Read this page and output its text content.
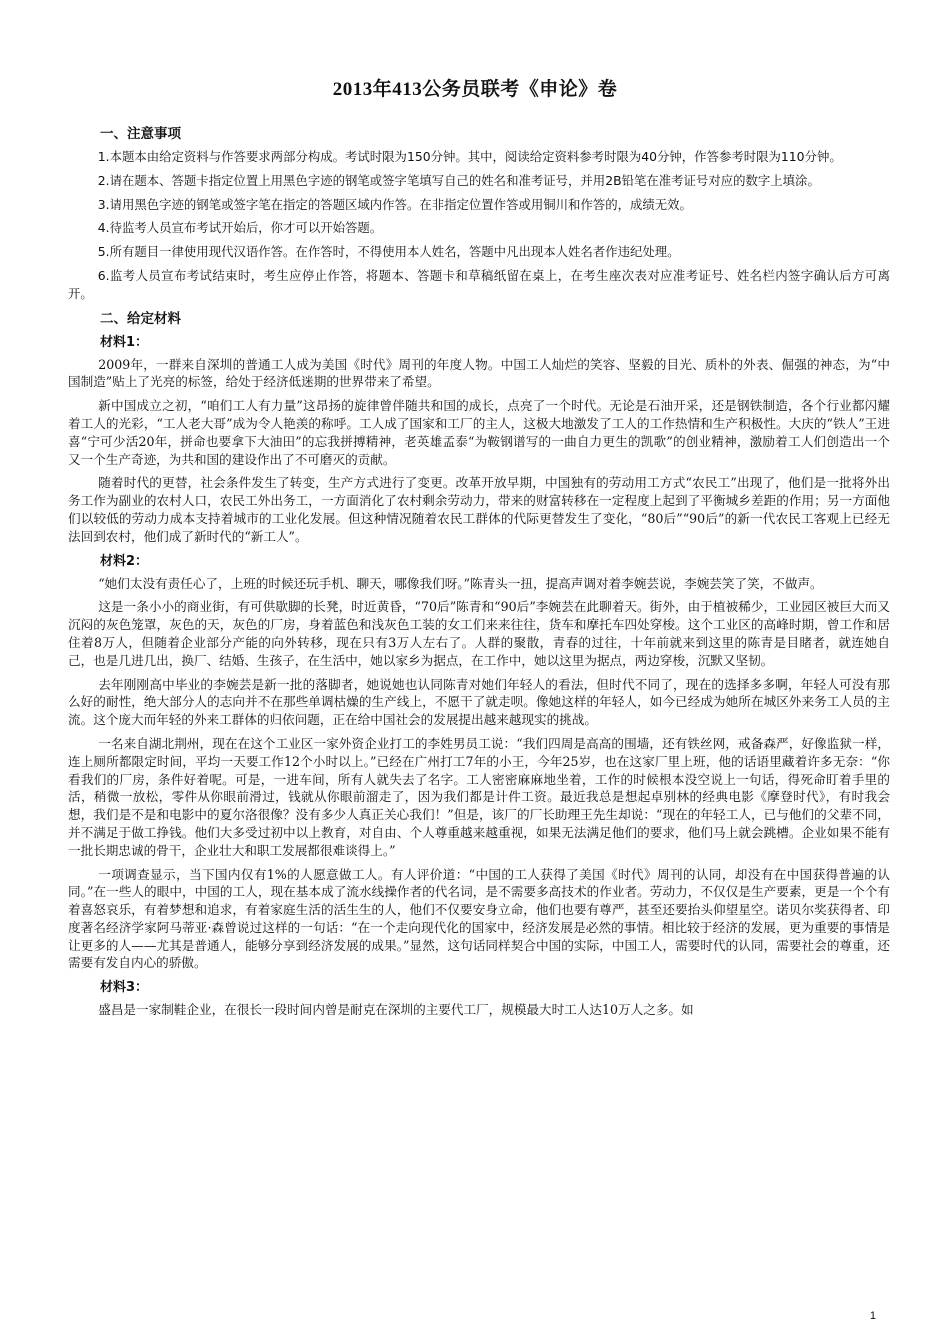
2013年413公务员联考《申论》卷
一、注意事项

1.本题本由给定资料与作答要求两部分构成。考试时限为150分钟。其中，阅读给定资料参考时限为40分钟，作答参考时限为110分钟。

2.请在题本、答题卡指定位置上用黑色字迹的钢笔或签字笔填写自己的姓名和准考证号，并用2B铅笔在准考证号对应的数字上填涂。

3.请用黑色字迹的钢笔或签字笔在指定的答题区域内作答。在非指定位置作答或用铜川和作答的，成绩无效。

4.待监考人员宣布考试开始后，你才可以开始答题。

5.所有题目一律使用现代汉语作答。在作答时，不得使用本人姓名，答题中凡出现本人姓名者作违纪处理。

6.监考人员宣布考试结束时，考生应停止作答，将题本、答题卡和草稿纸留在桌上，在考生座次表对应准考证号、姓名栏内签字确认后方可离开。

二、给定材料
材料1：

2009年，一群来自深圳的普通工人成为美国《时代》周刊的年度人物。中国工人灿烂的笑容、坚毅的目光、质朴的外表、倔强的神态，为“中国制造”贴上了光亮的标签，给处于经济低迷期的世界带来了希望。

新中国成立之初，“咱们工人有力量”这昂扬的旋律曾伴随共和国的成长，点亮了一个时代。无论是石油开采，还是钢铁制造，各个行业都闪耀着工人的光彩，“工人老大哥”成为令人艳羡的称呼。工人成了国家和工厂的主人，这极大地激发了工人的工作热情和生产积极性。大庆的“铁人”王进喜“宁可少活20年，拼命也要拿下大油田”的忘我拼搏精神，老英雄孟泰“为鞍钢谱写的一曲自力更生的凯歌”的创业精神，激励着工人们创造出一个又一个生产奇迹，为共和国的建设作出了不可磨灭的贡献。

随着时代的更替，社会条件发生了转变，生产方式进行了变更。改革开放早期，中国独有的劳动用工方式“农民工”出现了，他们是一批将外出务工作为副业的农村人口，农民工外出务工，一方面消化了农村剩余劳动力，带来的财富转移在一定程度上起到了平衡城乡差距的作用；另一方面他们以较低的劳动力成本支持着城市的工业化发展。但这种情况随着农民工群体的代际更替发生了变化，“80后”“90后”的新一代农民工客观上已经无法回到农村，他们成了新时代的“新工人”。

材料2：

“她们太没有责任心了，上班的时候还玩手机、聊天，哪像我们呀。”陈青头一扭，提高声调对着李婉芸说，李婉芸笑了笑，不做声。

这是一条小小的商业街，有可供歇脚的长凳，时近黄昏，“70后”陈青和“90后”李婉芸在此聊着天。街外，由于植被稀少，工业园区被巨大而又沉闷的灰色笼罩，灰色的天，灰色的厂房，身着蓝色和浅灰色工装的女工们来来往往，货车和摩托车四处穿梭。这个工业区的高峰时期，曾工作和居住着8万人，但随着企业部分产能的向外转移，现在只有3万人左右了。人群的聚散，青春的过往，十年前就来到这里的陈青是目睹者，就连她自己，也是几进几出，换厂、结婚、生孩子，在生活中，她以家乡为据点，在工作中，她以这里为据点，两边穿梭，沉默又坚韧。

去年刚刚高中毕业的李婉芸是新一批的落脚者，她说她也认同陈青对她们年轻人的看法，但时代不同了，现在的选择多多啊，年轻人可没有那么好的耐性，绝大部分人的志向并不在那些单调枯燥的生产线上，不愿干了就走呗。像她这样的年轻人，如今已经成为她所在城区外来务工人员的主流。这个庞大而年轻的外来工群体的归依问题，正在给中国社会的发展提出越来越现实的挑战。

一名来自湖北荆州，现在在这个工业区一家外资企业打工的李姓男员工说：“我们四周是高高的围墙，还有铁丝网，戒备森严，好像监狱一样，连上厕所都限定时间，平均一天要工作12个小时以上。”已经在广州打工7年的小王，今年25岁，也在这家厂里上班，他的话语里藏着许多无奈：“你看我们的厂房，条件好着呢。可是，一进车间，所有人就失去了名字。工人密密麻麻地坐着，工作的时候根本没空说上一句话，得死命盯着手里的活，稍微一放松，零件从你眼前滑过，钱就从你眼前溜走了，因为我们都是计件工资。最近我总是想起卓别林的经典电影《摩登时代》，有时我会想，我们是不是和电影中的夏尔洛很像？没有多少人真正关心我们！”但是，该厂的厂长助理王先生却说：“现在的年轻工人，已与他们的父辈不同，并不满足于做工挣钱。他们大多受过初中以上教育，对自由、个人尊重越来越重视，如果无法满足他们的要求，他们马上就会跳槽。企业如果不能有一批长期忠诚的骨干，企业壮大和职工发展都很难谈得上。”

一项调查显示，当下国内仅有1%的人愿意做工人。有人评价道：“中国的工人获得了美国《时代》周刊的认同，却没有在中国获得普遍的认同。”在一些人的眼中，中国的工人，现在基本成了流水线操作者的代名词，是不需要多高技术的作业者。劳动力，不仅仅是生产要素，更是一个个有着喜怒哀乐，有着梦想和追求，有着家庭生活的活生生的人，他们不仅要安身立命，他们也要有尊严，甚至还要抬头仰望星空。诺贝尔奖获得者、印度著名经济学家阿马蒂亚·森曾说过这样的一句话：“在一个走向现代化的国家中，经济发展是必然的事情。相比较于经济的发展，更为重要的事情是让更多的人——尤其是普通人，能够分享到经济发展的成果。”显然，这句话同样契合中国的实际，中国工人，需要时代的认同，需要社会的尊重，还需要有发自内心的骄傲。

材料3：

盛昌是一家制鞋企业，在很长一段时间内曾是耐克在深圳的主要代工厂，规模最大时工人达10万人之多。如

1
